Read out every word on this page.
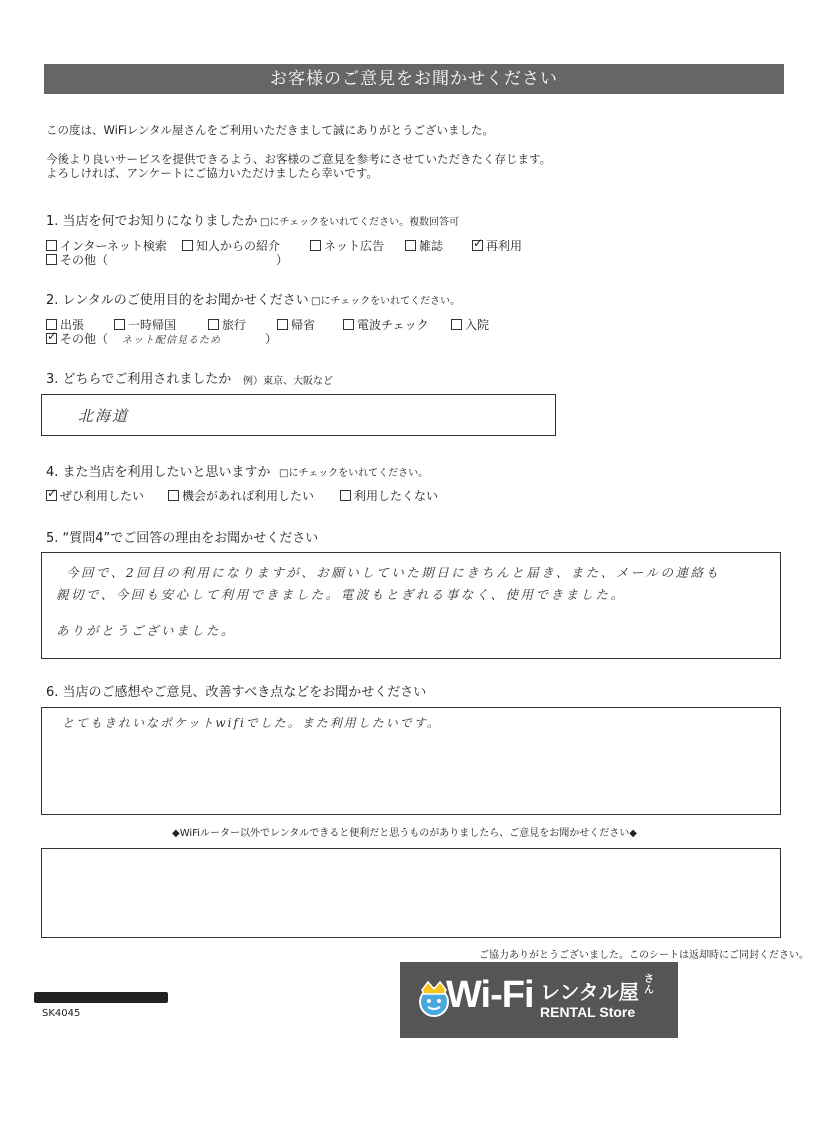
お客様のご意見をお聞かせください
この度は、WiFiレンタル屋さんをご利用いただきまして誠にありがとうございました。
今後より良いサービスを提供できるよう、お客様のご意見を参考にさせていただきたく存じます。
よろしければ、アンケートにご協力いただけましたら幸いです。
1. 当店を何でお知りになりましたか □にチェックをいれてください。複数回答可
インターネット検索	知人からの紹介	ネット広告	雑誌
✓	再利用
その他（	）
2. レンタルのご使用目的をお聞かせください □にチェックをいれてください。
出張	一時帰国	旅行	帰省	電波チェック	入院
✓その他（ ネット配信見るため	）
3. どちらでご利用されましたか 例）東京、大阪など
北海道
4. また当店を利用したいと思いますか □にチェックをいれてください。
✓ぜひ利用したい	機会があれば利用したい	利用したくない
5. “質問4”でご回答の理由をお聞かせください
今回で、2回目の利用になりますが、お願いしていた期日にきちんと届き、また、メールの連絡も
親切で、今回も安心して利用できました。電波もとぎれる事なく、使用できました。
ありがとうございました。
6. 当店のご感想やご意見、改善すべき点などをお聞かせください
とてもきれいなポケットwifiでした。また利用したいです。
◆WiFiルーター以外でレンタルできると便利だと思うものがありましたら、ご意見をお聞かせください◆
ご協力ありがとうございました。このシートは返却時にご同封ください。
SK4045	Wi-Fi レンタル屋
さん
RENTAL Store
